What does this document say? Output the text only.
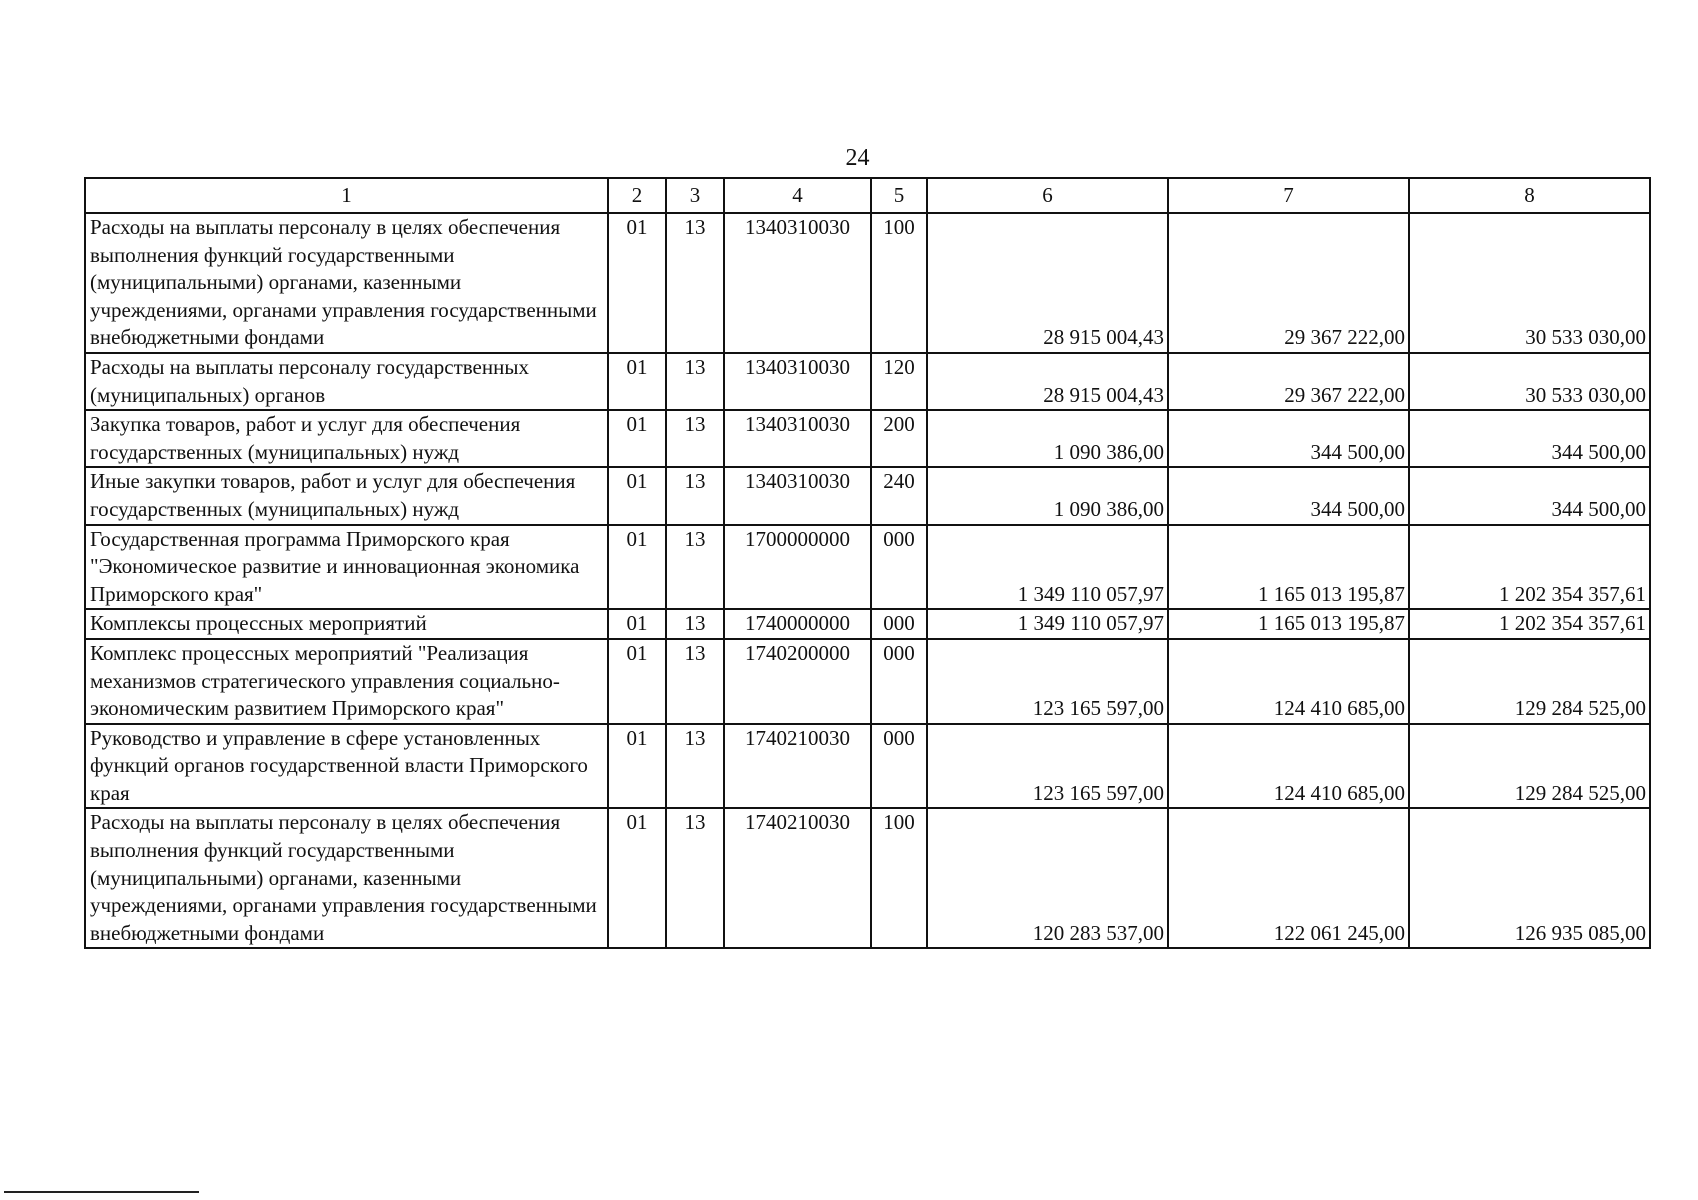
24
1	2	3	4	5	6	7	8
Расходы на выплаты персоналу в целях обеспечения выполнения функций государственными (муниципальными) органами, казенными учреждениями, органами управления государственными внебюджетными фондами	01	13	1340310030	100	28 915 004,43	29 367 222,00	30 533 030,00
Расходы на выплаты персоналу государственных (муниципальных) органов	01	13	1340310030	120	28 915 004,43	29 367 222,00	30 533 030,00
Закупка товаров, работ и услуг для обеспечения государственных (муниципальных) нужд	01	13	1340310030	200	1 090 386,00	344 500,00	344 500,00
Иные закупки товаров, работ и услуг для обеспечения государственных (муниципальных) нужд	01	13	1340310030	240	1 090 386,00	344 500,00	344 500,00
Государственная программа Приморского края "Экономическое развитие и инновационная экономика Приморского края"	01	13	1700000000	000	1 349 110 057,97	1 165 013 195,87	1 202 354 357,61
Комплексы процессных мероприятий	01	13	1740000000	000	1 349 110 057,97	1 165 013 195,87	1 202 354 357,61
Комплекс процессных мероприятий "Реализация механизмов стратегического управления социально-экономическим развитием Приморского края"	01	13	1740200000	000	123 165 597,00	124 410 685,00	129 284 525,00
Руководство и управление в сфере установленных функций органов государственной власти Приморского края	01	13	1740210030	000	123 165 597,00	124 410 685,00	129 284 525,00
Расходы на выплаты персоналу в целях обеспечения выполнения функций государственными (муниципальными) органами, казенными учреждениями, органами управления государственными внебюджетными фондами	01	13	1740210030	100	120 283 537,00	122 061 245,00	126 935 085,00
